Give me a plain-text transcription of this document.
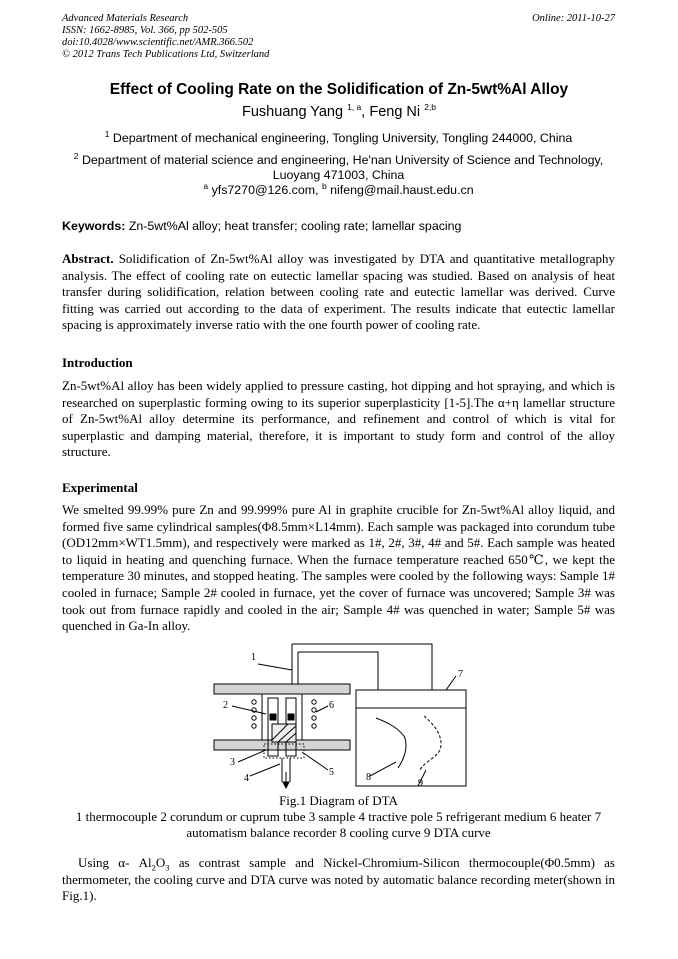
Advanced Materials Research
ISSN: 1662-8985, Vol. 366, pp 502-505
doi:10.4028/www.scientific.net/AMR.366.502
© 2012 Trans Tech Publications Ltd, Switzerland
Online: 2011-10-27
Effect of Cooling Rate on the Solidification of Zn-5wt%Al Alloy
Fushuang Yang $^{1, a}$, Feng Ni $^{2,b}$
$^1$ Department of mechanical engineering, Tongling University, Tongling 244000, China
$^2$ Department of material science and engineering, He'nan University of Science and Technology, Luoyang 471003, China
$^a$ yfs7270@126.com, $^b$ nifeng@mail.haust.edu.cn
Keywords: Zn-5wt%Al alloy; heat transfer; cooling rate; lamellar spacing
Abstract. Solidification of Zn-5wt%Al alloy was investigated by DTA and quantitative metallography analysis. The effect of cooling rate on eutectic lamellar spacing was studied. Based on analysis of heat transfer during solidification, relation between cooling rate and eutectic lamellar was derived. Curve fitting was carried out according to the data of experiment. The results indicate that eutectic lamellar spacing is approximately inverse ratio with the one fourth power of cooling rate.
Introduction
Zn-5wt%Al alloy has been widely applied to pressure casting, hot dipping and hot spraying, and which is researched on superplastic forming owing to its superior superplasticity [1-5].The α+η lamellar structure of Zn-5wt%Al alloy determine its performance, and refinement and control of which is vital for superplastic and damping material, therefore, it is important to study form and control of the alloy structure.
Experimental
We smelted 99.99% pure Zn and 99.999% pure Al in graphite crucible for Zn-5wt%Al alloy liquid, and formed five same cylindrical samples(Φ8.5mm×L14mm). Each sample was packaged into corundum tube (OD12mm×WT1.5mm), and respectively were marked as 1#, 2#, 3#, 4# and 5#. Each sample was heated to liquid in heating and quenching furnace. When the furnace temperature reached 650℃, we kept the temperature 30 minutes, and stopped heating. The samples were cooled by the following ways: Sample 1# cooled in furnace; Sample 2# cooled in furnace, yet the cover of furnace was uncovered; Sample 3# was took out from furnace rapidly and cooled in the air; Sample 4# was quenched in water; Sample 5# was quenched in Ga-In alloy.
1
2
3
4
5
6
7
8
9
Fig.1 Diagram of DTA
1 thermocouple 2 corundum or cuprum tube 3 sample 4 tractive pole 5 refrigerant medium 6 heater 7 automatism balance recorder 8 cooling curve 9 DTA curve
Using α- $Al_2O_3$ as contrast sample and Nickel-Chromium-Silicon thermocouple(Φ0.5mm) as thermometer, the cooling curve and DTA curve was noted by automatic balance recording meter(shown in Fig.1).
